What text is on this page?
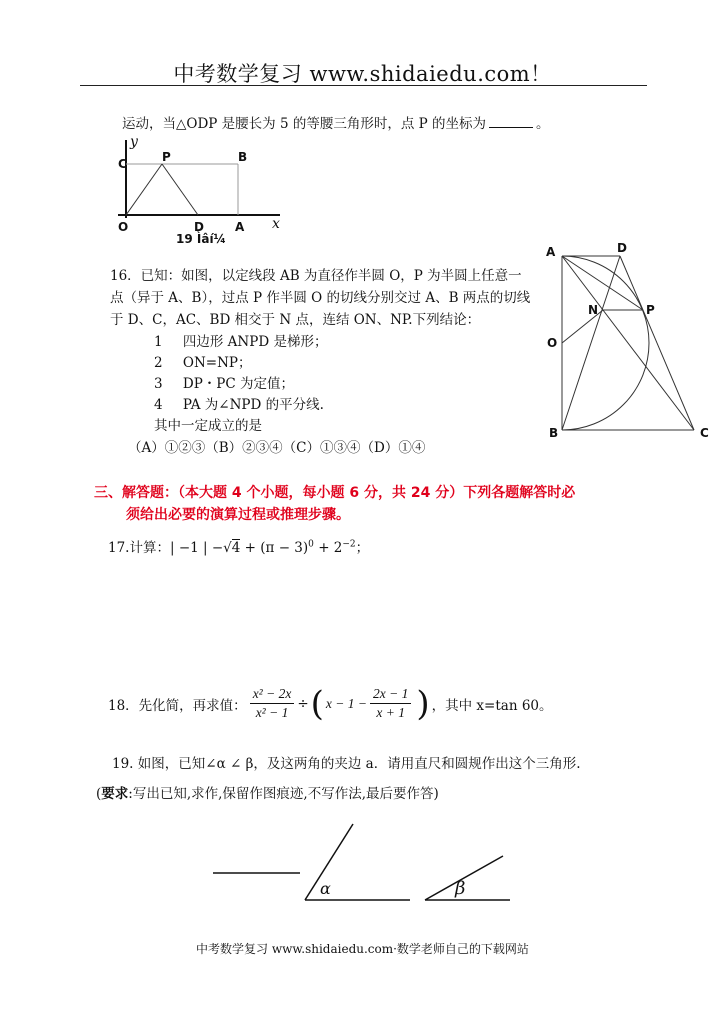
中考数学复习 www.shidaiedu.com！
运动，当△ODP 是腰长为 5 的等腰三角形时，点 P 的坐标为	。
y
C	P	B
O	D	A x
19 Ìâí¼
16．已知：如图，以定线段 AB 为直径作半圆 O，P 为半圆上任意一
点（异于 A、B），过点 P 作半圆 O 的切线分别交过 A、B 两点的切线
于 D、C，AC、BD 相交于 N 点，连结 ON、NP.下列结论：
1 四边形 ANPD 是梯形；
2 ON=NP；
3 DP・PC 为定值；
4 PA 为∠NPD 的平分线.
其中一定成立的是
（A）①②③（B）②③④（C）①③④（D）①④
A	D
N	P
O
B	C
三、解答题：（本大题 4 个小题，每小题 6 分，共 24 分）下列各题解答时必
须给出必要的演算过程或推理步骤。
17.计算：| −1 | $-√4 + (\pi - 3)^0 + 2^{-2}$；
18．先化简，再求值： $\frac{\text{x² − 2x}}{\text{x² − 1}}$ ÷ ( $x - 1 - \frac{2x - 1}{x + 1}$ ) ，其中 x=tan 60。
19. 如图，已知∠α ∠ β，及这两角的夹边 a．请用直尺和圆规作出这个三角形.
(要求:写出已知,求作,保留作图痕迹,不写作法,最后要作答)
α	β
中考数学复习 www.shidaiedu.com·数学老师自己的下载网站
